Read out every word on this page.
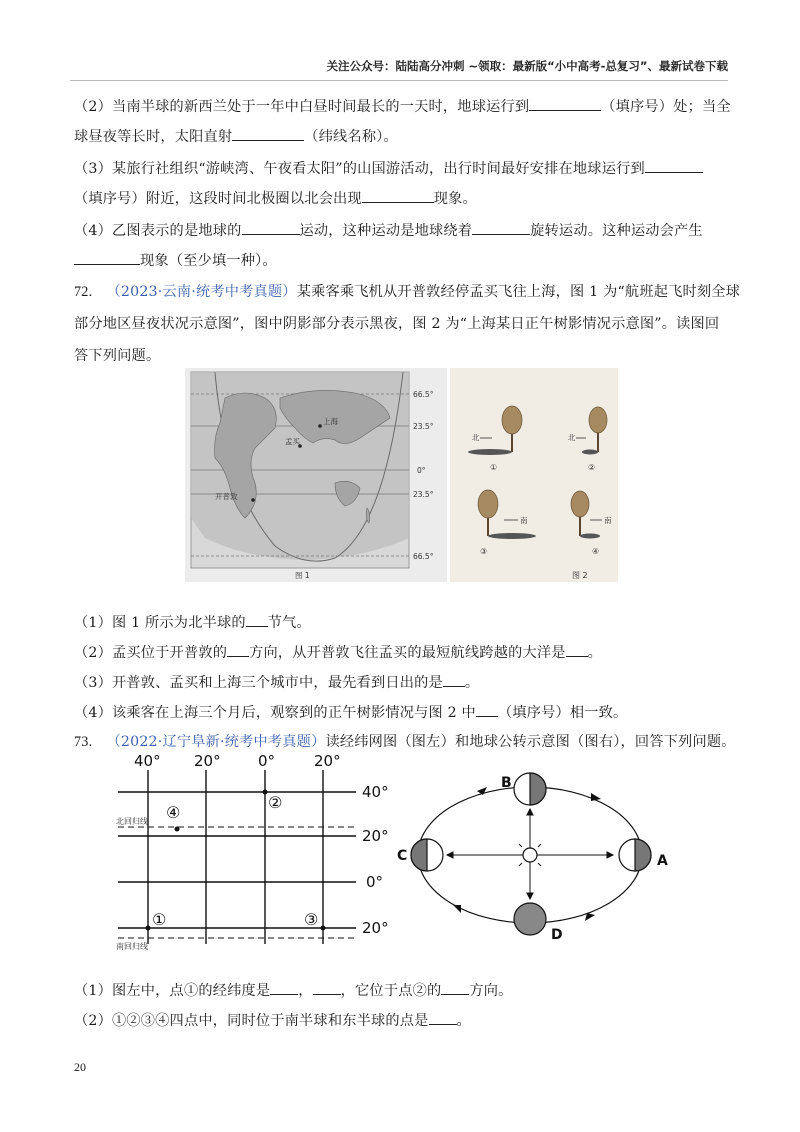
关注公众号：陆陆高分冲刺 ~领取：最新版“小中高考-总复习”、最新试卷下载
（2）当南半球的新西兰处于一年中白昼时间最长的一天时，地球运行到	（填序号）处；当全
球昼夜等长时，太阳直射	（纬线名称）。
（3）某旅行社组织“游峡湾、午夜看太阳”的山国游活动，出行时间最好安排在地球运行到
（填序号）附近，这段时间北极圈以北会出现	现象。
（4）乙图表示的是地球的	运动，这种运动是地球绕着	旋转运动。这种运动会产生
现象（至少填一种）。
72. （2023·云南·统考中考真题）某乘客乘飞机从开普敦经停孟买飞往上海，图 1 为“航班起飞时刻全球
部分地区昼夜状况示意图”，图中阴影部分表示黑夜，图 2 为“上海某日正午树影情况示意图”。读图回
答下列问题。
66.5°
23.5°
0°
23.5°
66.5°
上海
孟买
开普敦
图 1
北
①
北
②
南
③
南
④
图 2
（1）图 1 所示为北半球的 节气。
（2）孟买位于开普敦的 方向，从开普敦飞往孟买的最短航线跨越的大洋是 。
（3）开普敦、孟买和上海三个城市中，最先看到日出的是 。
（4）该乘客在上海三个月后，观察到的正午树影情况与图 2 中 （填序号）相一致。
73. （2022·辽宁阜新·统考中考真题）读经纬网图（图左）和地球公转示意图（图右），回答下列问题。
40° 20° 0°	20°
40°
20°
0°
20°
北回归线
南回归线
④
②
①	③
B
C	A
D
（1）图左中，点①的经纬度是 ， ，它位于点②的 方向。
（2）①②③④四点中，同时位于南半球和东半球的点是 。
20
